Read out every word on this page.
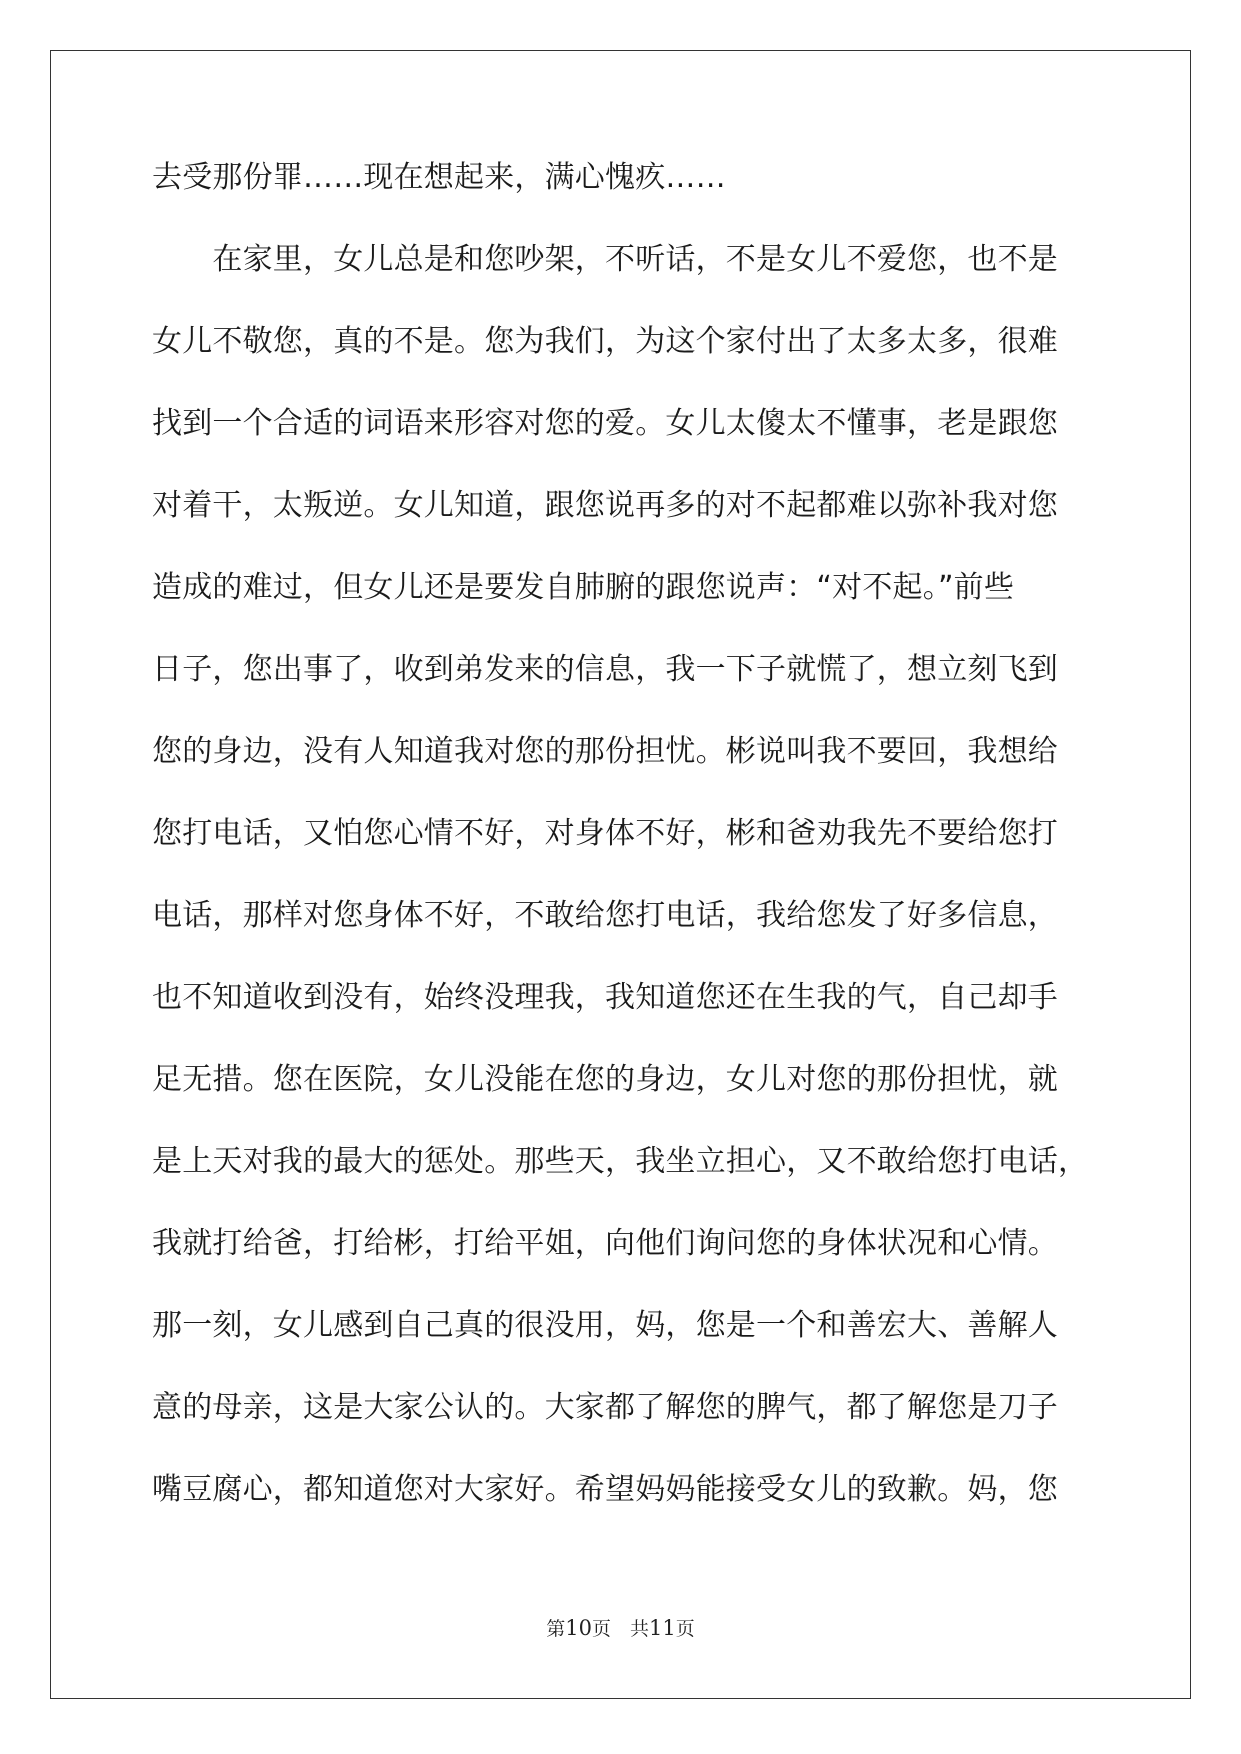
去受那份罪……现在想起来，满心愧疚……
　　在家里，女儿总是和您吵架，不听话，不是女儿不爱您，也不是
女儿不敬您，真的不是。您为我们，为这个家付出了太多太多，很难
找到一个合适的词语来形容对您的爱。女儿太傻太不懂事，老是跟您
对着干，太叛逆。女儿知道，跟您说再多的对不起都难以弥补我对您
造成的难过，但女儿还是要发自肺腑的跟您说声：“对不起。”前些
日子，您出事了，收到弟发来的信息，我一下子就慌了，想立刻飞到
您的身边，没有人知道我对您的那份担忧。彬说叫我不要回，我想给
您打电话，又怕您心情不好，对身体不好，彬和爸劝我先不要给您打
电话，那样对您身体不好，不敢给您打电话，我给您发了好多信息，
也不知道收到没有，始终没理我，我知道您还在生我的气，自己却手
足无措。您在医院，女儿没能在您的身边，女儿对您的那份担忧，就
是上天对我的最大的惩处。那些天，我坐立担心，又不敢给您打电话，
我就打给爸，打给彬，打给平姐，向他们询问您的身体状况和心情。
那一刻，女儿感到自己真的很没用，妈，您是一个和善宏大、善解人
意的母亲，这是大家公认的。大家都了解您的脾气，都了解您是刀子
嘴豆腐心，都知道您对大家好。希望妈妈能接受女儿的致歉。妈，您
第10页　共11页
